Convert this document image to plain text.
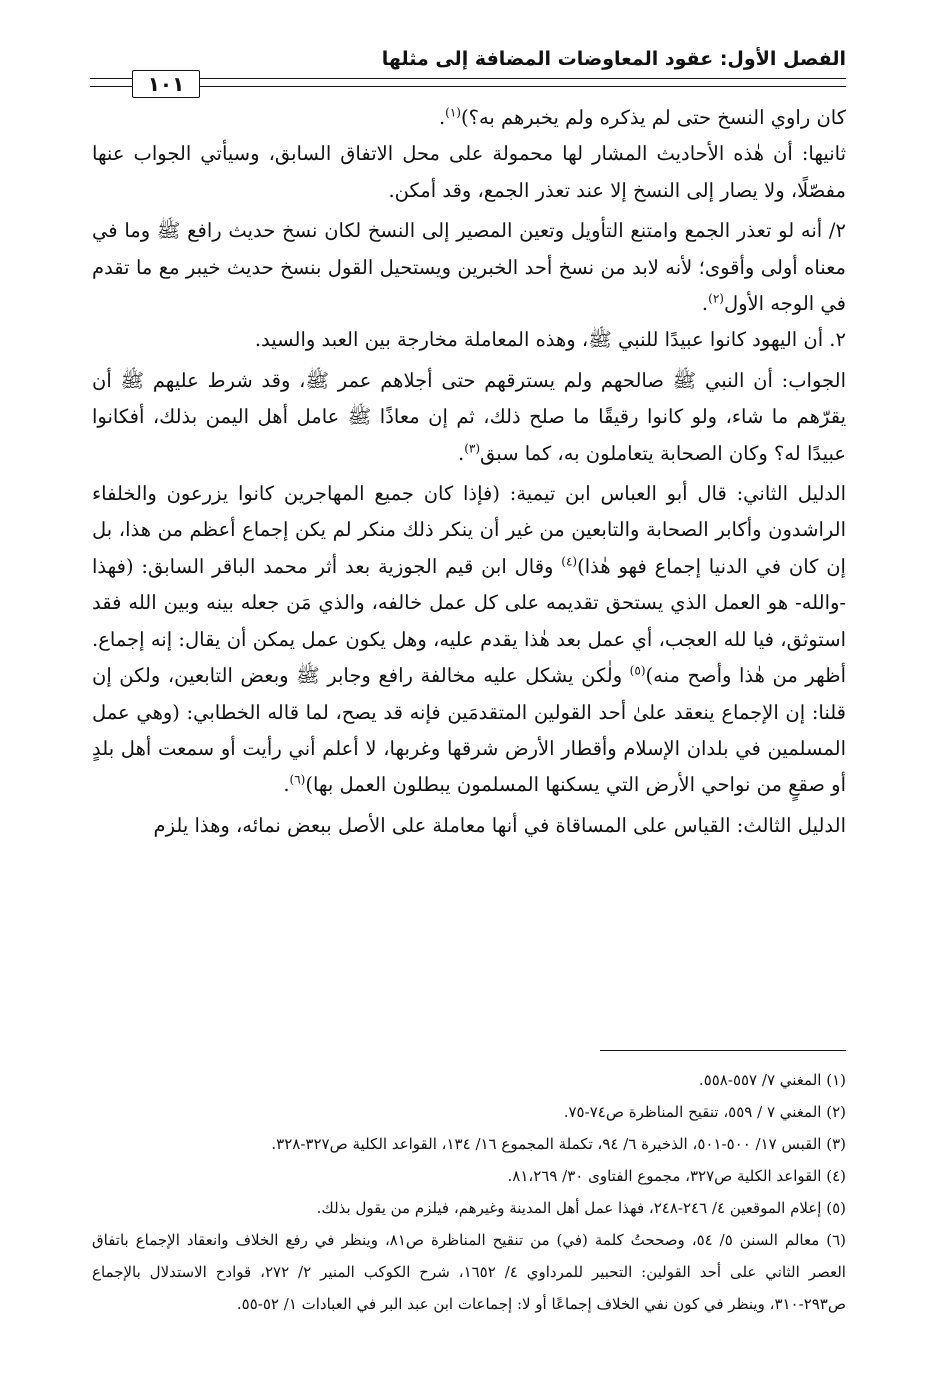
الفصل الأول: عقود المعاوضات المضافة إلى مثلها
١٠١

كان راوي النسخ حتى لم يذكره ولم يخبرهم به؟)$^{(١)}$.

ثانيها: أن هٰذه الأحاديث المشار لها محمولة على محل الاتفاق السابق، وسيأتي الجواب عنها مفصّلًا، ولا يصار إلى النسخ إلا عند تعذر الجمع، وقد أمكن.

٢/ أنه لو تعذر الجمع وامتنع التأويل وتعين المصير إلى النسخ لكان نسخ حديث رافع ﷺ وما في معناه أولى وأقوى؛ لأنه لابد من نسخ أحد الخبرين ويستحيل القول بنسخ حديث خيبر مع ما تقدم في الوجه الأول$^{(٢)}$.

٢. أن اليهود كانوا عبيدًا للنبي ﷺ، وهذه المعاملة مخارجة بين العبد والسيد.

الجواب: أن النبي ﷺ صالحهم ولم يسترقهم حتى أجلاهم عمر ﷺ، وقد شرط عليهم ﷺ أن يقرّهم ما شاء، ولو كانوا رقيقًا ما صلح ذلك، ثم إن معاذًا ﷺ عامل أهل اليمن بذلك، أفكانوا عبيدًا له؟ وكان الصحابة يتعاملون به، كما سبق$^{(٣)}$.

الدليل الثاني: قال أبو العباس ابن تيمية: (فإذا كان جميع المهاجرين كانوا يزرعون والخلفاء الراشدون وأكابر الصحابة والتابعين من غير أن ينكر ذلك منكر لم يكن إجماع أعظم من هذا، بل إن كان في الدنيا إجماع فهو هٰذا)$^{(٤)}$ وقال ابن قيم الجوزية بعد أثر محمد الباقر السابق: (فهذا -والله- هو العمل الذي يستحق تقديمه على كل عمل خالفه، والذي مَن جعله بينه وبين الله فقد استوثق، فيا لله العجب، أي عمل بعد هٰذا يقدم عليه، وهل يكون عمل يمكن أن يقال: إنه إجماع. أظهر من هٰذا وأصح منه)$^{(٥)}$ ولٰكن يشكل عليه مخالفة رافع وجابر ﷺ وبعض التابعين، ولكن إن قلنا: إن الإجماع ينعقد علىٰ أحد القولين المتقدمَين فإنه قد يصح، لما قاله الخطابي: (وهي عمل المسلمين في بلدان الإسلام وأقطار الأرض شرقها وغربها، لا أعلم أني رأيت أو سمعت أهل بلدٍ أو صقعٍ من نواحي الأرض التي يسكنها المسلمون يبطلون العمل بها)$^{(٦)}$.

الدليل الثالث: القياس على المساقاة في أنها معاملة على الأصل ببعض نمائه، وهذا يلزم

(١) المغني ٧/ ٥٥٧-٥٥٨.

(٢) المغني ٧ / ٥٥٩، تنقيح المناظرة ص٧٤-٧٥.

(٣) القبس ١٧/ ٥٠٠-٥٠١، الذخيرة ٦/ ٩٤، تكملة المجموع ١٦/ ١٣٤، القواعد الكلية ص٣٢٧-٣٢٨.

(٤) القواعد الكلية ص٣٢٧، مجموع الفتاوى ٣٠/ ٨١،٢٦٩.

(٥) إعلام الموقعين ٤/ ٢٤٦-٢٤٨، فهذا عمل أهل المدينة وغيرهم، فيلزم من يقول بذلك.

(٦) معالم السنن ٥/ ٥٤، وصححتُ كلمة (في) من تنقيح المناظرة ص٨١، وينظر في رفع الخلاف وانعقاد الإجماع باتفاق العصر الثاني على أحد القولين: التحبير للمرداوي ٤/ ١٦٥٢، شرح الكوكب المنير ٢/ ٢٧٢، قوادح الاستدلال بالإجماع ص٢٩٣-٣١٠، وينظر في كون نفي الخلاف إجماعًا أو لا: إجماعات ابن عبد البر في العبادات ١/ ٥٢-٥٥.
